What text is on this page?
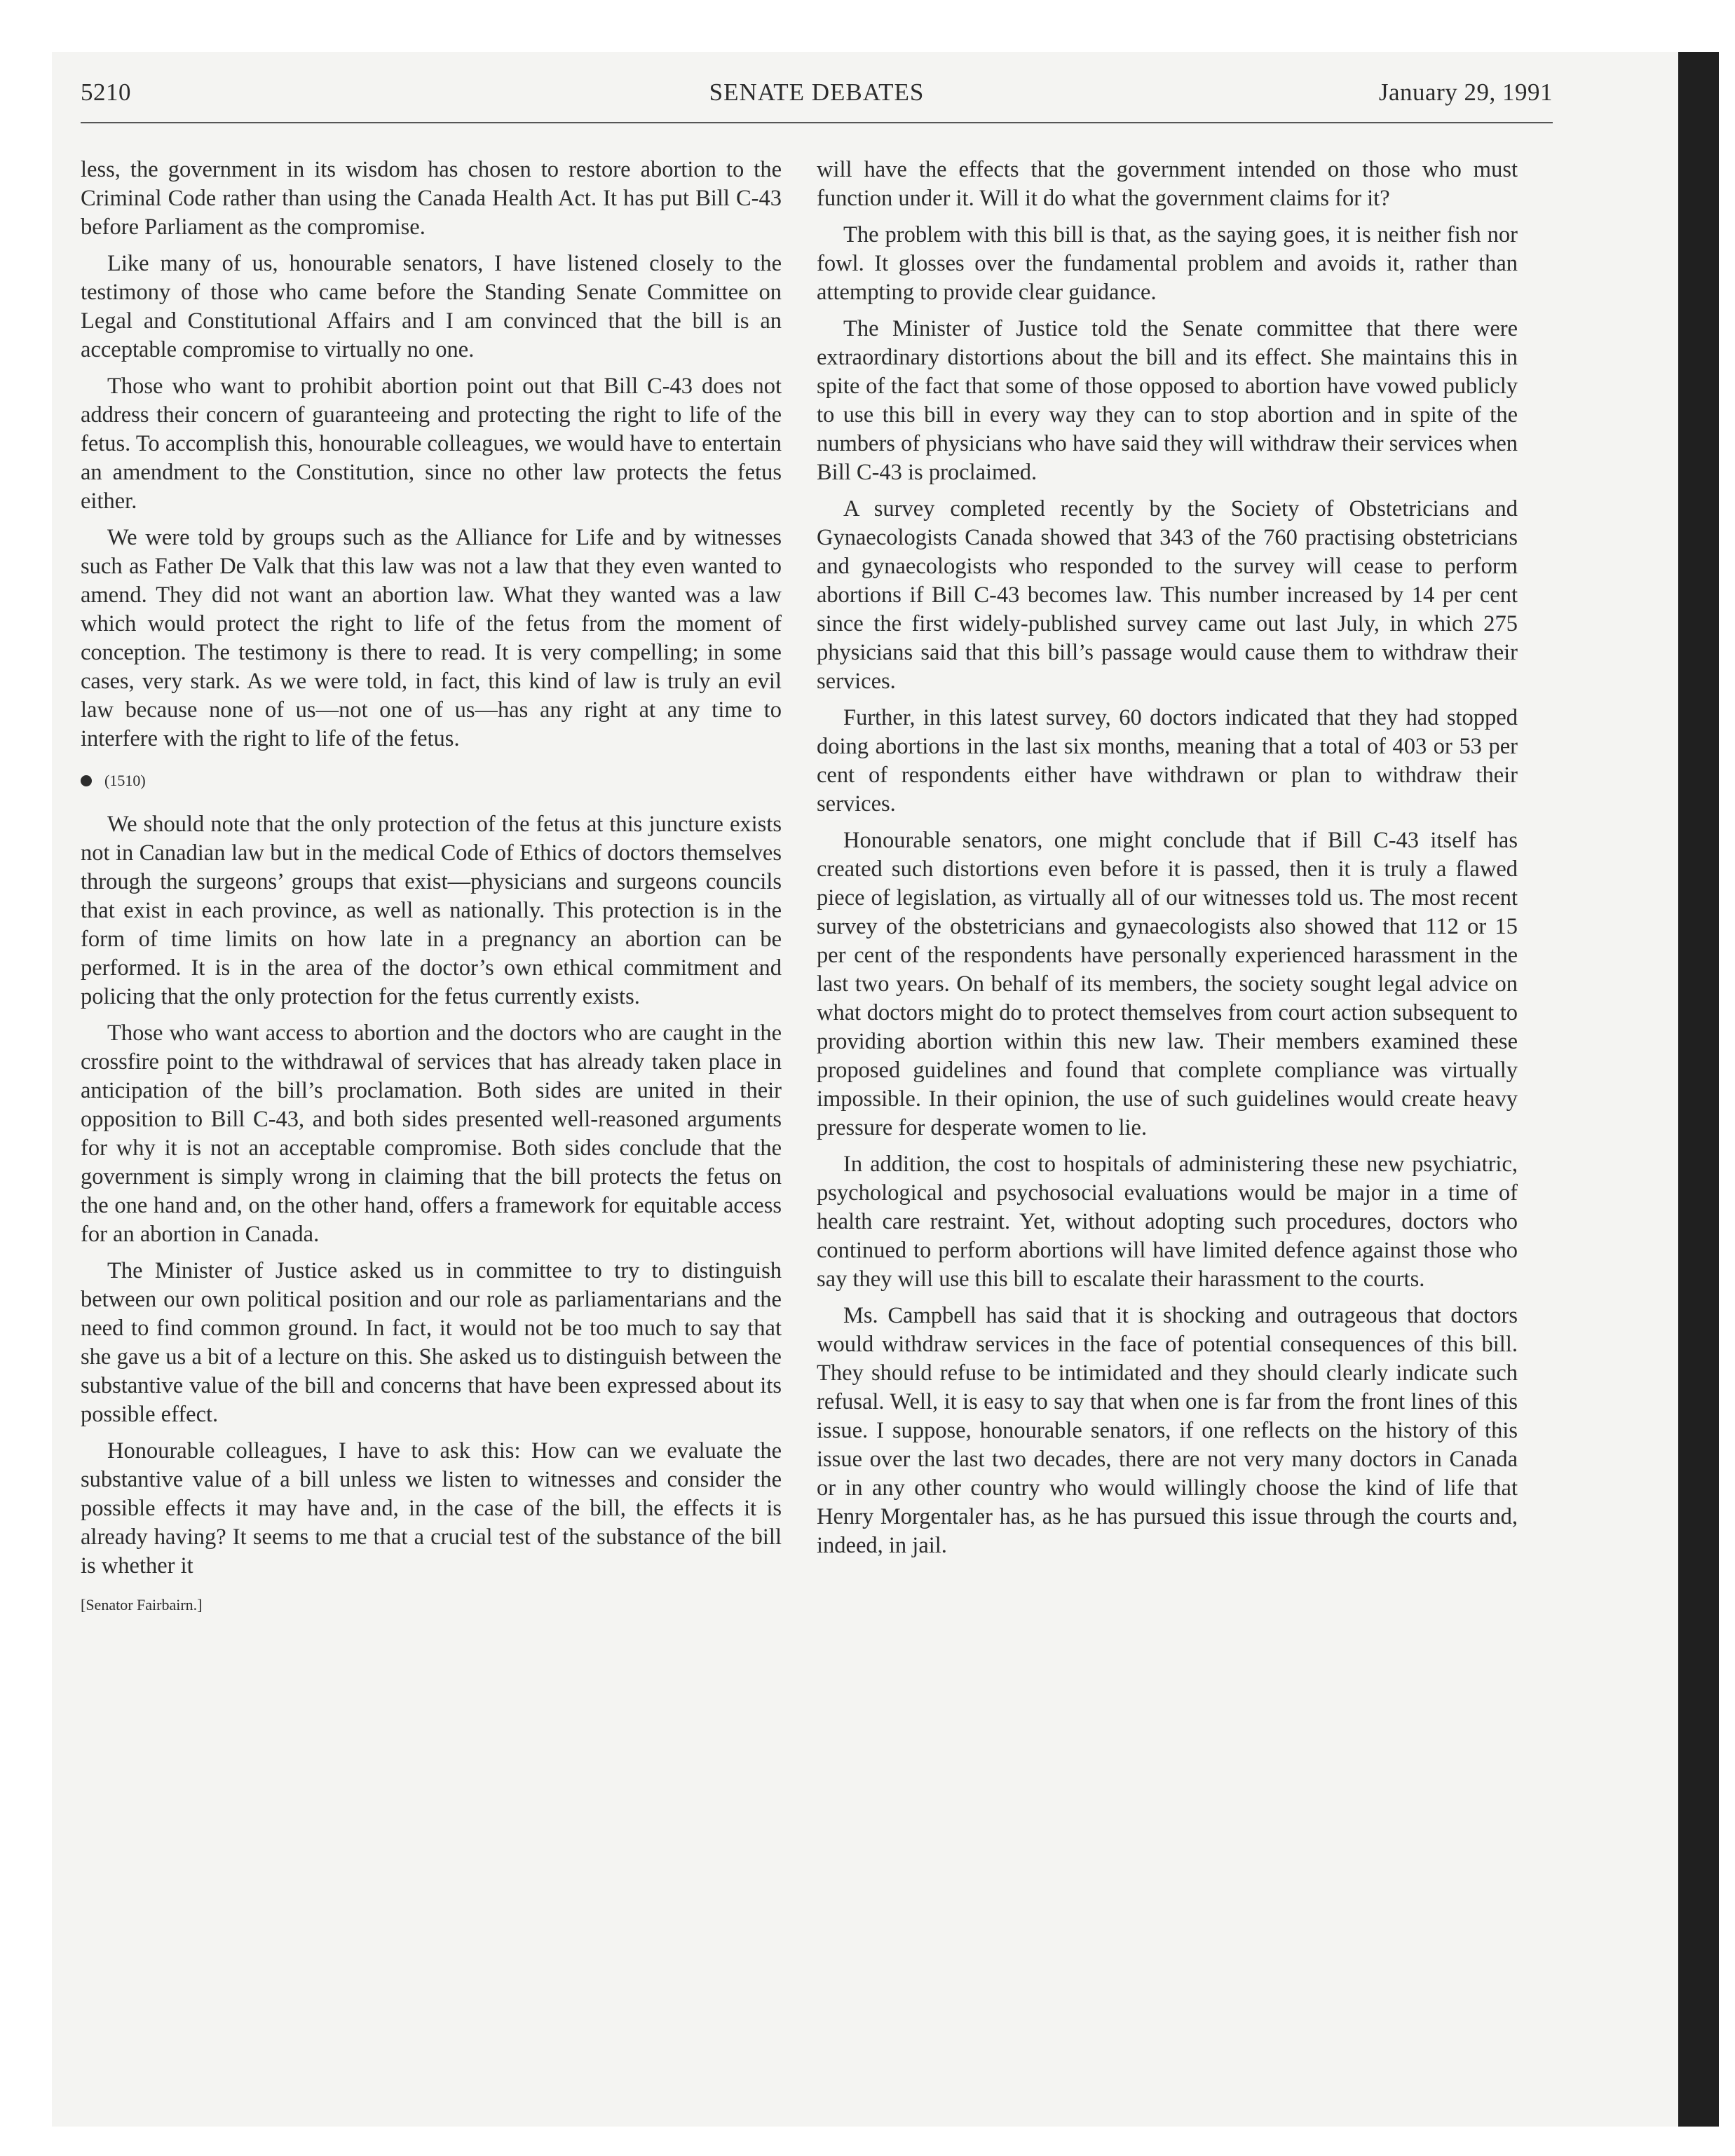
5210	SENATE DEBATES	January 29, 1991

less, the government in its wisdom has chosen to restore abortion to the Criminal Code rather than using the Canada Health Act. It has put Bill C-43 before Parliament as the compromise.

Like many of us, honourable senators, I have listened closely to the testimony of those who came before the Standing Senate Committee on Legal and Constitutional Affairs and I am convinced that the bill is an acceptable compromise to virtually no one.

Those who want to prohibit abortion point out that Bill C-43 does not address their concern of guaranteeing and protecting the right to life of the fetus. To accomplish this, honourable colleagues, we would have to entertain an amendment to the Constitution, since no other law protects the fetus either.

We were told by groups such as the Alliance for Life and by witnesses such as Father De Valk that this law was not a law that they even wanted to amend. They did not want an abortion law. What they wanted was a law which would protect the right to life of the fetus from the moment of conception. The testimony is there to read. It is very compelling; in some cases, very stark. As we were told, in fact, this kind of law is truly an evil law because none of us—not one of us—has any right at any time to interfere with the right to life of the fetus.

(1510)

We should note that the only protection of the fetus at this juncture exists not in Canadian law but in the medical Code of Ethics of doctors themselves through the surgeons’ groups that exist—physicians and surgeons councils that exist in each province, as well as nationally. This protection is in the form of time limits on how late in a pregnancy an abortion can be performed. It is in the area of the doctor’s own ethical commitment and policing that the only protection for the fetus currently exists.

Those who want access to abortion and the doctors who are caught in the crossfire point to the withdrawal of services that has already taken place in anticipation of the bill’s proclamation. Both sides are united in their opposition to Bill C-43, and both sides presented well-reasoned arguments for why it is not an acceptable compromise. Both sides conclude that the government is simply wrong in claiming that the bill protects the fetus on the one hand and, on the other hand, offers a framework for equitable access for an abortion in Canada.

The Minister of Justice asked us in committee to try to distinguish between our own political position and our role as parliamentarians and the need to find common ground. In fact, it would not be too much to say that she gave us a bit of a lecture on this. She asked us to distinguish between the substantive value of the bill and concerns that have been expressed about its possible effect.

Honourable colleagues, I have to ask this: How can we evaluate the substantive value of a bill unless we listen to witnesses and consider the possible effects it may have and, in the case of the bill, the effects it is already having? It seems to me that a crucial test of the substance of the bill is whether it

[Senator Fairbairn.]

will have the effects that the government intended on those who must function under it. Will it do what the government claims for it?

The problem with this bill is that, as the saying goes, it is neither fish nor fowl. It glosses over the fundamental problem and avoids it, rather than attempting to provide clear guidance.

The Minister of Justice told the Senate committee that there were extraordinary distortions about the bill and its effect. She maintains this in spite of the fact that some of those opposed to abortion have vowed publicly to use this bill in every way they can to stop abortion and in spite of the numbers of physicians who have said they will withdraw their services when Bill C-43 is proclaimed.

A survey completed recently by the Society of Obstetricians and Gynaecologists Canada showed that 343 of the 760 practising obstetricians and gynaecologists who responded to the survey will cease to perform abortions if Bill C-43 becomes law. This number increased by 14 per cent since the first widely-published survey came out last July, in which 275 physicians said that this bill’s passage would cause them to withdraw their services.

Further, in this latest survey, 60 doctors indicated that they had stopped doing abortions in the last six months, meaning that a total of 403 or 53 per cent of respondents either have withdrawn or plan to withdraw their services.

Honourable senators, one might conclude that if Bill C-43 itself has created such distortions even before it is passed, then it is truly a flawed piece of legislation, as virtually all of our witnesses told us. The most recent survey of the obstetricians and gynaecologists also showed that 112 or 15 per cent of the respondents have personally experienced harassment in the last two years. On behalf of its members, the society sought legal advice on what doctors might do to protect themselves from court action subsequent to providing abortion within this new law. Their members examined these proposed guidelines and found that complete compliance was virtually impossible. In their opinion, the use of such guidelines would create heavy pressure for desperate women to lie.

In addition, the cost to hospitals of administering these new psychiatric, psychological and psychosocial evaluations would be major in a time of health care restraint. Yet, without adopting such procedures, doctors who continued to perform abortions will have limited defence against those who say they will use this bill to escalate their harassment to the courts.

Ms. Campbell has said that it is shocking and outrageous that doctors would withdraw services in the face of potential consequences of this bill. They should refuse to be intimidated and they should clearly indicate such refusal. Well, it is easy to say that when one is far from the front lines of this issue. I suppose, honourable senators, if one reflects on the history of this issue over the last two decades, there are not very many doctors in Canada or in any other country who would willingly choose the kind of life that Henry Morgentaler has, as he has pursued this issue through the courts and, indeed, in jail.
